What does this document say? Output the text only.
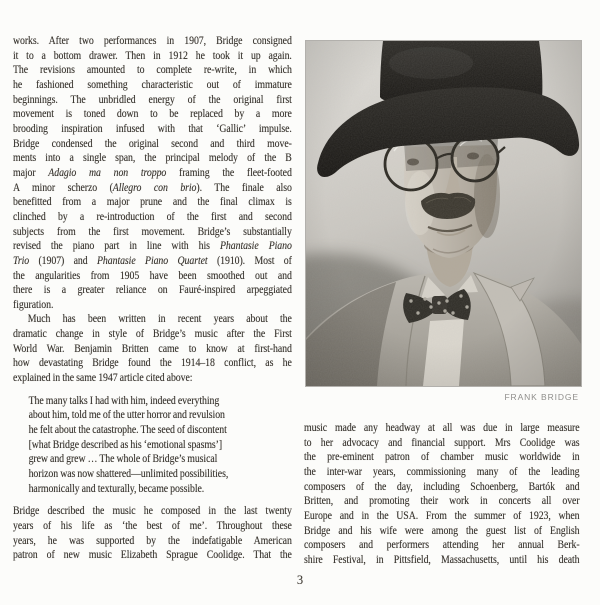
works. After two performances in 1907, Bridge consigned
it to a bottom drawer. Then in 1912 he took it up again.
The revisions amounted to complete re-write, in which
he fashioned something characteristic out of immature
beginnings. The unbridled energy of the original first
movement is toned down to be replaced by a more
brooding inspiration infused with that ‘Gallic’ impulse.
Bridge condensed the original second and third move-
ments into a single span, the principal melody of the B
major Adagio ma non troppo framing the fleet-footed
A minor scherzo (Allegro con brio). The finale also
benefitted from a major prune and the final climax is
clinched by a re-introduction of the first and second
subjects from the first movement. Bridge’s substantially
revised the piano part in line with his Phantasie Piano
Trio (1907) and Phantasie Piano Quartet (1910). Most of
the angularities from 1905 have been smoothed out and
there is a greater reliance on Fauré-inspired arpeggiated
figuration.
Much has been written in recent years about the
dramatic change in style of Bridge’s music after the First
World War. Benjamin Britten came to know at first-hand
how devastating Bridge found the 1914–18 conflict, as he
explained in the same 1947 article cited above:
The many talks I had with him, indeed everything
about him, told me of the utter horror and revulsion
he felt about the catastrophe. The seed of discontent
[what Bridge described as his ‘emotional spasms’]
grew and grew … The whole of Bridge’s musical
horizon was now shattered—unlimited possibilities,
harmonically and texturally, became possible.
Bridge described the music he composed in the last twenty
years of his life as ‘the best of me’. Throughout these
years, he was supported by the indefatigable American
patron of new music Elizabeth Sprague Coolidge. That the
FRANK BRIDGE
music made any headway at all was due in large measure
to her advocacy and financial support. Mrs Coolidge was
the pre-eminent patron of chamber music worldwide in
the inter-war years, commissioning many of the leading
composers of the day, including Schoenberg, Bartók and
Britten, and promoting their work in concerts all over
Europe and in the USA. From the summer of 1923, when
Bridge and his wife were among the guest list of English
composers and performers attending her annual Berk-
shire Festival, in Pittsfield, Massachusetts, until his death
3
